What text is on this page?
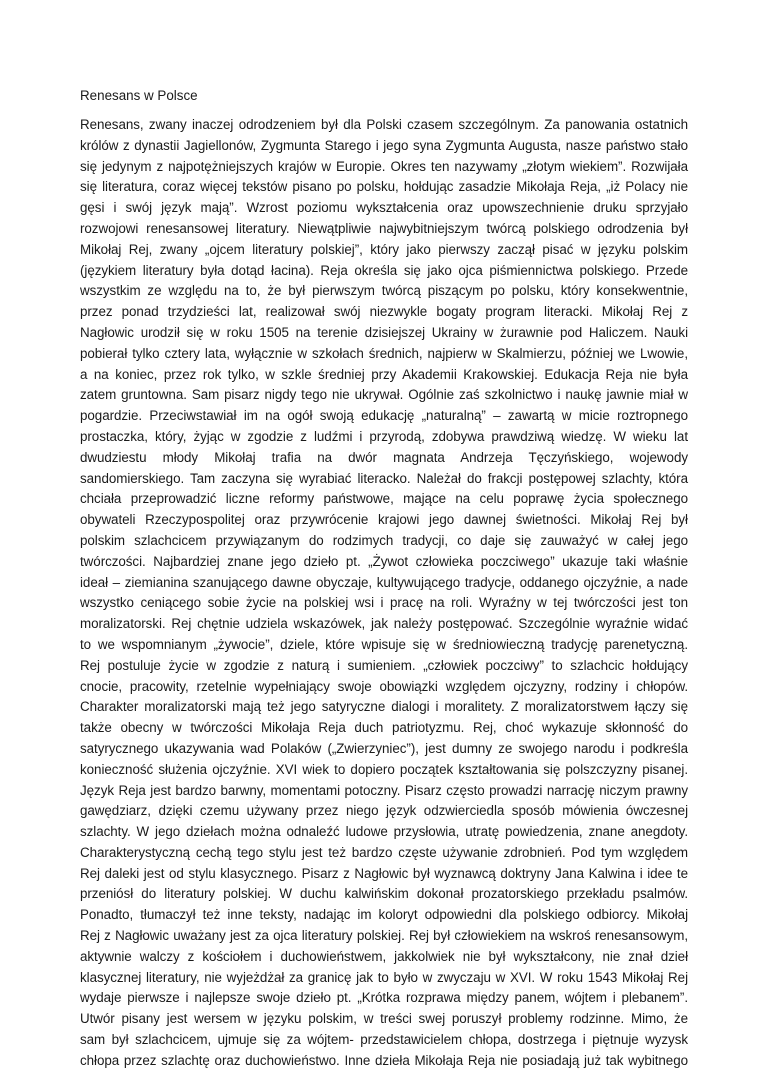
Renesans w Polsce
Renesans, zwany inaczej odrodzeniem był dla Polski czasem szczególnym. Za panowania ostatnich
królów z dynastii Jagiellonów, Zygmunta Starego i jego syna Zygmunta Augusta, nasze państwo stało
się jedynym z najpotężniejszych krajów w Europie. Okres ten nazywamy „złotym wiekiem”. Rozwijała
się literatura, coraz więcej tekstów pisano po polsku, hołdując zasadzie Mikołaja Reja, „iż Polacy nie
gęsi i swój język mają”. Wzrost poziomu wykształcenia oraz upowszechnienie druku sprzyjało
rozwojowi renesansowej literatury. Niewątpliwie najwybitniejszym twórcą polskiego odrodzenia był
Mikołaj Rej, zwany „ojcem literatury polskiej”, który jako pierwszy zaczął pisać w języku polskim
(językiem literatury była dotąd łacina). Reja określa się jako ojca piśmiennictwa polskiego. Przede
wszystkim ze względu na to, że był pierwszym twórcą piszącym po polsku, który konsekwentnie,
przez ponad trzydzieści lat, realizował swój niezwykle bogaty program literacki. Mikołaj Rej z
Nagłowic urodził się w roku 1505 na terenie dzisiejszej Ukrainy w żurawnie pod Haliczem. Nauki
pobierał tylko cztery lata, wyłącznie w szkołach średnich, najpierw w Skalmierzu, później we Lwowie,
a na koniec, przez rok tylko, w szkle średniej przy Akademii Krakowskiej. Edukacja Reja nie była
zatem gruntowna. Sam pisarz nigdy tego nie ukrywał. Ogólnie zaś szkolnictwo i naukę jawnie miał w
pogardzie. Przeciwstawiał im na ogół swoją edukację „naturalną” – zawartą w micie roztropnego
prostaczka, który, żyjąc w zgodzie z ludźmi i przyrodą, zdobywa prawdziwą wiedzę. W wieku lat
dwudziestu młody Mikołaj trafia na dwór magnata Andrzeja Tęczyńskiego, wojewody
sandomierskiego. Tam zaczyna się wyrabiać literacko. Należał do frakcji postępowej szlachty, która
chciała przeprowadzić liczne reformy państwowe, mające na celu poprawę życia społecznego
obywateli Rzeczypospolitej oraz przywrócenie krajowi jego dawnej świetności. Mikołaj Rej był
polskim szlachcicem przywiązanym do rodzimych tradycji, co daje się zauważyć w całej jego
twórczości. Najbardziej znane jego dzieło pt. „Żywot człowieka poczciwego” ukazuje taki właśnie
ideał – ziemianina szanującego dawne obyczaje, kultywującego tradycje, oddanego ojczyźnie, a nade
wszystko ceniącego sobie życie na polskiej wsi i pracę na roli. Wyraźny w tej twórczości jest ton
moralizatorski. Rej chętnie udziela wskazówek, jak należy postępować. Szczególnie wyraźnie widać
to we wspomnianym „żywocie”, dziele, które wpisuje się w średniowieczną tradycję parenetyczną.
Rej postuluje życie w zgodzie z naturą i sumieniem. „człowiek poczciwy” to szlachcic hołdujący
cnocie, pracowity, rzetelnie wypełniający swoje obowiązki względem ojczyzny, rodziny i chłopów.
Charakter moralizatorski mają też jego satyryczne dialogi i moralitety. Z moralizatorstwem łączy się
także obecny w twórczości Mikołaja Reja duch patriotyzmu. Rej, choć wykazuje skłonność do
satyrycznego ukazywania wad Polaków („Zwierzyniec”), jest dumny ze swojego narodu i podkreśla
konieczność służenia ojczyźnie. XVI wiek to dopiero początek kształtowania się polszczyzny pisanej.
Język Reja jest bardzo barwny, momentami potoczny. Pisarz często prowadzi narrację niczym prawny
gawędziarz, dzięki czemu używany przez niego język odzwierciedla sposób mówienia ówczesnej
szlachty. W jego dziełach można odnaleźć ludowe przysłowia, utratę powiedzenia, znane anegdoty.
Charakterystyczną cechą tego stylu jest też bardzo częste używanie zdrobnień. Pod tym względem
Rej daleki jest od stylu klasycznego. Pisarz z Nagłowic był wyznawcą doktryny Jana Kalwina i idee te
przeniósł do literatury polskiej. W duchu kalwińskim dokonał prozatorskiego przekładu psalmów.
Ponadto, tłumaczył też inne teksty, nadając im koloryt odpowiedni dla polskiego odbiorcy. Mikołaj
Rej z Nagłowic uważany jest za ojca literatury polskiej. Rej był człowiekiem na wskroś renesansowym,
aktywnie walczy z kościołem i duchowieństwem, jakkolwiek nie był wykształcony, nie znał dzieł
klasycznej literatury, nie wyjeżdżał za granicę jak to było w zwyczaju w XVI. W roku 1543 Mikołaj Rej
wydaje pierwsze i najlepsze swoje dzieło pt. „Krótka rozprawa między panem, wójtem i plebanem”.
Utwór pisany jest wersem w języku polskim, w treści swej poruszył problemy rodzinne. Mimo, że
sam był szlachcicem, ujmuje się za wójtem- przedstawicielem chłopa, dostrzega i piętnuje wyzysk
chłopa przez szlachtę oraz duchowieństwo. Inne dzieła Mikołaja Reja nie posiadają już tak wybitnego
